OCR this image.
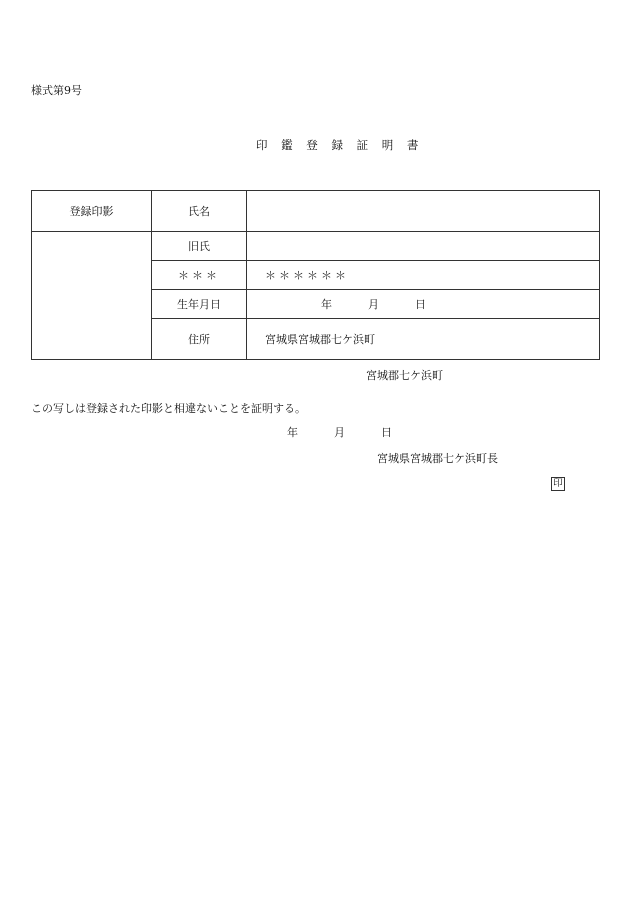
様式第9号
印 鑑 登 録 証 明 書
登録印影	氏名	
	旧氏	
	＊＊＊	＊＊＊＊＊＊
	生年月日	年 月 日
	住所	宮城県宮城郡七ケ浜町
宮城郡七ケ浜町
この写しは登録された印影と相違ないことを証明する。
年	月	日
宮城県宮城郡七ケ浜町長
印
